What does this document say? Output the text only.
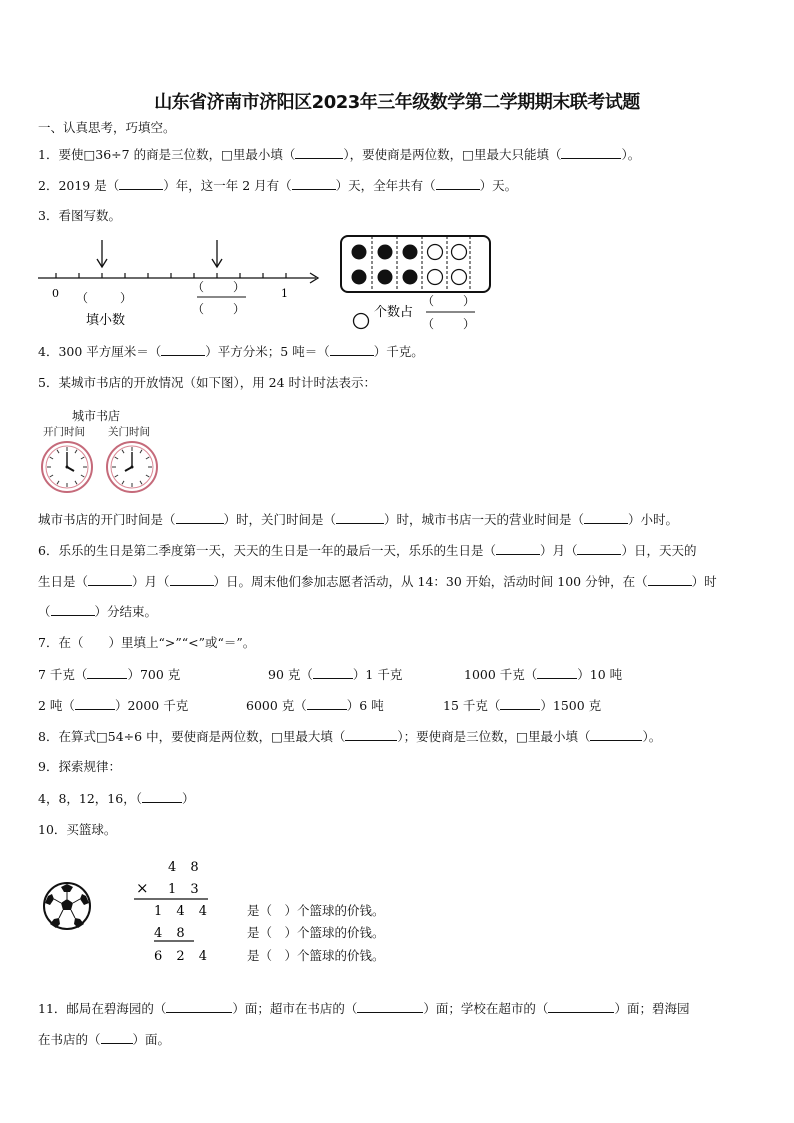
山东省济南市济阳区2023年三年级数学第二学期期末联考试题
一、认真思考，巧填空。
1．要使□36÷7 的商是三位数，□里最小填（	），要使商是两位数，□里最大只能填（	）。
2．2019 是（	）年，这一年 2 月有（	）天，全年共有（	）天。
3．看图写数。
0	1
（	）
填小数
（ ）
（ ）	个数占
（ ）
（ ）
4．300 平方厘米＝（	）平方分米；5 吨＝（	）千克。
5．某城市书店的开放情况（如下图），用 24 时计时法表示：
城市书店
开门时间 关门时间
城市书店的开门时间是（	）时，关门时间是（	）时，城市书店一天的营业时间是（	）小时。
6．乐乐的生日是第二季度第一天，天天的生日是一年的最后一天，乐乐的生日是（	）月（	）日，天天的
生日是（	）月（	）日。周末他们参加志愿者活动，从 14：30 开始，活动时间 100 分钟，在（	）时
（	）分结束。
7．在（　　）里填上“>”“<”或“＝”。
7 千克（	）700 克	90 克（	）1 千克	1000 千克（	）10 吨
2 吨（	）2000 千克	6000 克（	）6 吨	15 千克（	）1500 克
8．在算式□54÷6 中，要使商是两位数，□里最大填（	）；要使商是三位数，□里最小填（	）。
9．探索规律：
4，8，12，16，（	）
10．买篮球。
4 8
× 1 3
1 4 4
4 8
6 2 4
是（　）个篮球的价钱。
是（　）个篮球的价钱。
是（　）个篮球的价钱。
11．邮局在碧海园的（	）面；超市在书店的（	）面；学校在超市的（	）面；碧海园
在书店的（	）面。
